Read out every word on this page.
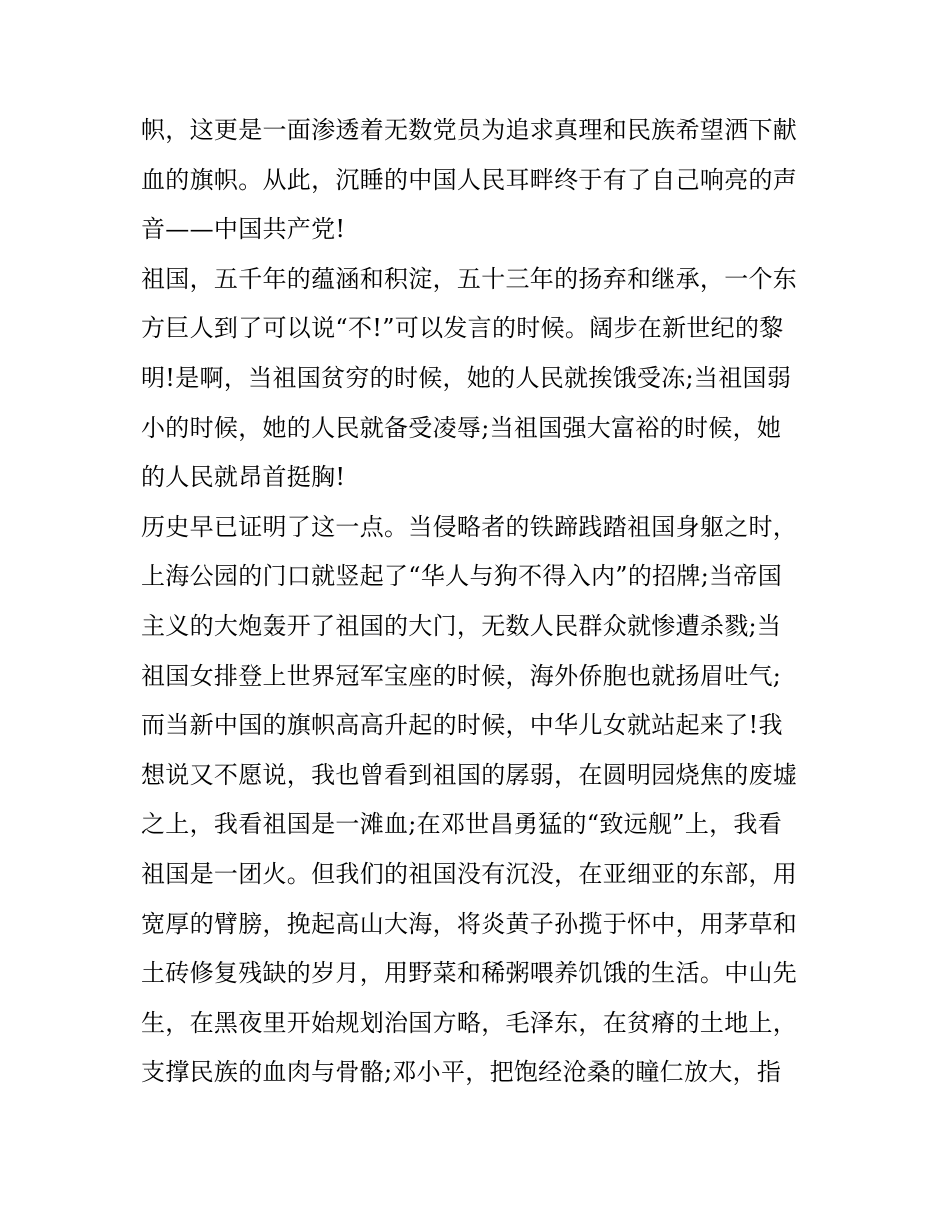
帜，这更是一面渗透着无数党员为追求真理和民族希望洒下献
血的旗帜。从此，沉睡的中国人民耳畔终于有了自己响亮的声
音——中国共产党!
祖国，五千年的蕴涵和积淀，五十三年的扬弃和继承，一个东
方巨人到了可以说“不!”可以发言的时候。阔步在新世纪的黎
明!是啊，当祖国贫穷的时候，她的人民就挨饿受冻;当祖国弱
小的时候，她的人民就备受凌辱;当祖国强大富裕的时候，她
的人民就昂首挺胸!
历史早已证明了这一点。当侵略者的铁蹄践踏祖国身躯之时，
上海公园的门口就竖起了“华人与狗不得入内”的招牌;当帝国
主义的大炮轰开了祖国的大门，无数人民群众就惨遭杀戮;当
祖国女排登上世界冠军宝座的时候，海外侨胞也就扬眉吐气;
而当新中国的旗帜高高升起的时候，中华儿女就站起来了!我
想说又不愿说，我也曾看到祖国的孱弱，在圆明园烧焦的废墟
之上，我看祖国是一滩血;在邓世昌勇猛的“致远舰”上，我看
祖国是一团火。但我们的祖国没有沉没，在亚细亚的东部，用
宽厚的臂膀，挽起高山大海，将炎黄子孙揽于怀中，用茅草和
土砖修复残缺的岁月，用野菜和稀粥喂养饥饿的生活。中山先
生，在黑夜里开始规划治国方略，毛泽东，在贫瘠的土地上，
支撑民族的血肉与骨骼;邓小平，把饱经沧桑的瞳仁放大，指
